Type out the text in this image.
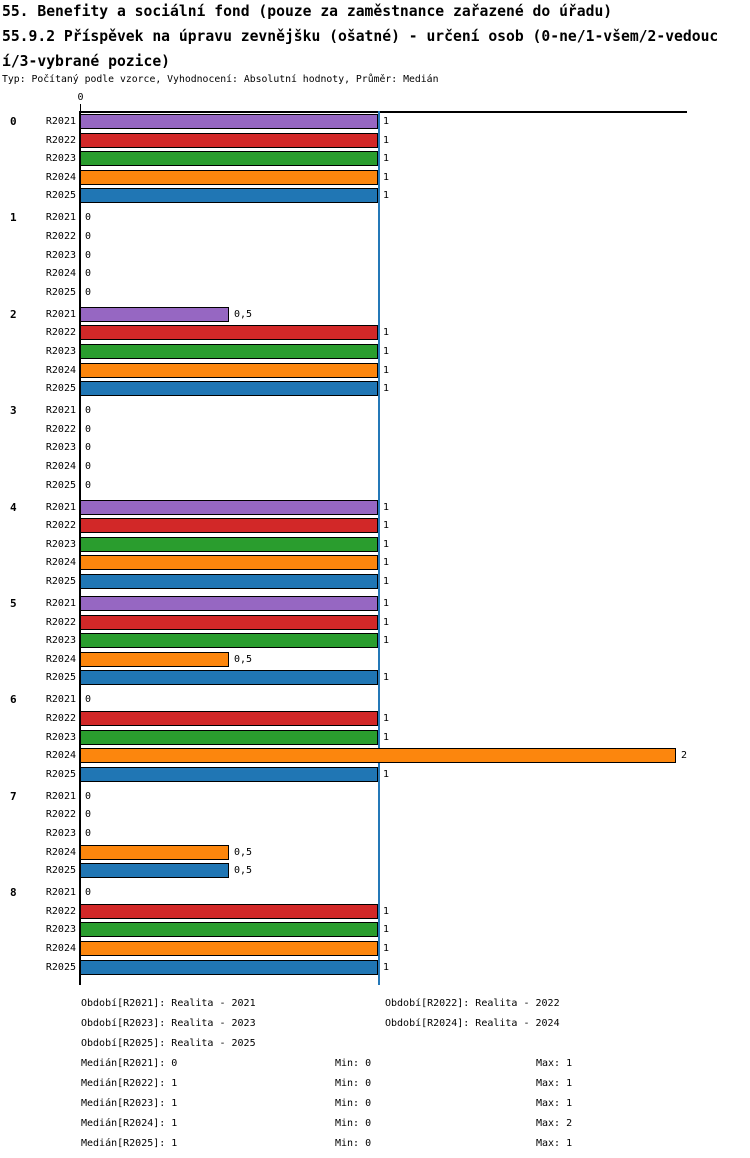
55. Benefity a sociální fond (pouze za zaměstnance zařazené do úřadu)
55.9.2 Příspěvek na úpravu zevnějšku (ošatné) - určení osob (0-ne/1-všem/2-vedouc
í/3-vybrané pozice)
Typ: Počítaný podle vzorce, Vyhodnocení: Absolutní hodnoty, Průměr: Medián
0
0	R2021	1
R2022	1
R2023	1
R2024	1
R2025	1
1	R2021 0
R2022 0
R2023 0
R2024 0
R2025 0
2	R2021	0,5
R2022	1
R2023	1
R2024	1
R2025	1
3	R2021 0
R2022 0
R2023 0
R2024 0
R2025 0
4	R2021	1
R2022	1
R2023	1
R2024	1
R2025	1
5	R2021	1
R2022	1
R2023	1
R2024	0,5
R2025	1
6	R2021 0
R2022	1
R2023	1
R2024	2
R2025	1
7	R2021 0
R2022 0
R2023 0
R2024	0,5
R2025	0,5
8	R2021 0
R2022	1
R2023	1
R2024	1
R2025	1
Období[R2021]: Realita - 2021	Období[R2022]: Realita - 2022
Období[R2023]: Realita - 2023	Období[R2024]: Realita - 2024
Období[R2025]: Realita - 2025
Medián[R2021]: 0	Min: 0	Max: 1
Medián[R2022]: 1	Min: 0	Max: 1
Medián[R2023]: 1	Min: 0	Max: 1
Medián[R2024]: 1	Min: 0	Max: 2
Medián[R2025]: 1	Min: 0	Max: 1
